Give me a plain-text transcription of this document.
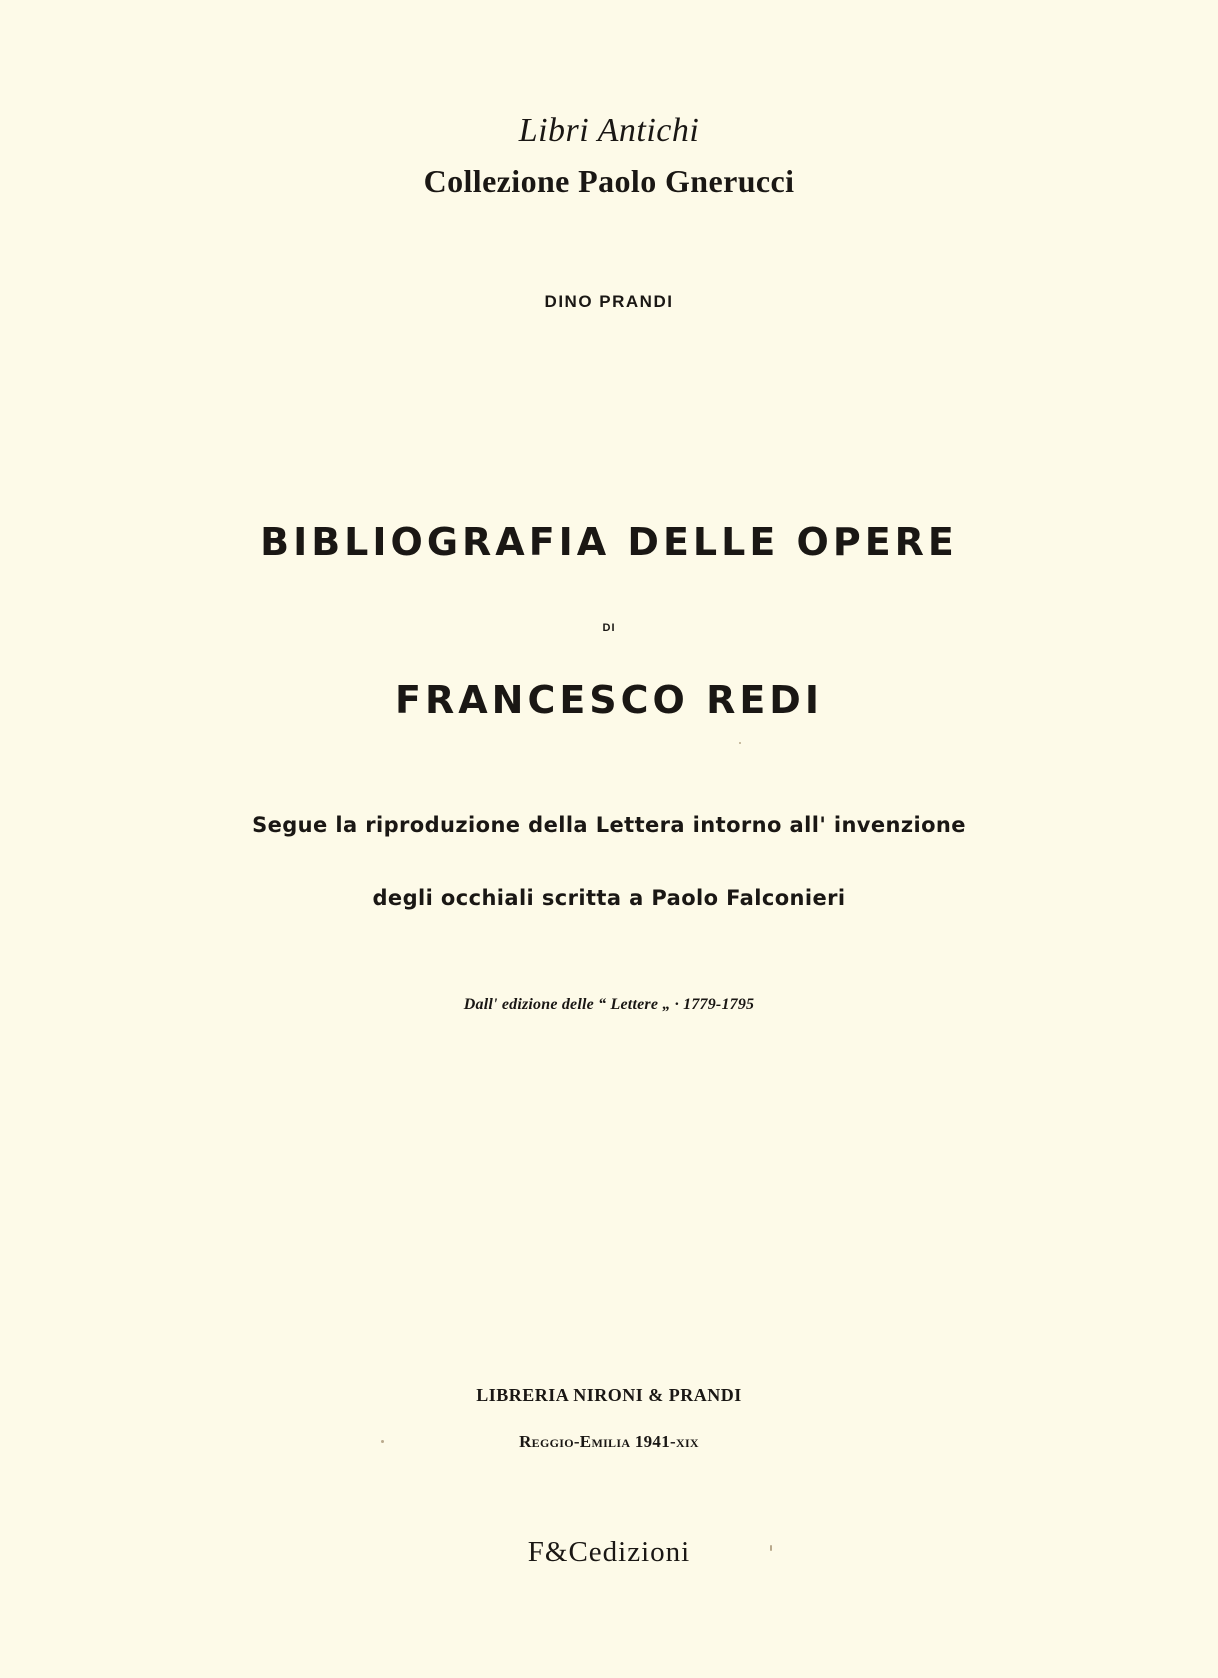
Libri Antichi
Collezione Paolo Gnerucci
DINO PRANDI
BIBLIOGRAFIA DELLE OPERE
DI
FRANCESCO REDI
Segue la riproduzione della Lettera intorno all' invenzione
degli occhiali scritta a Paolo Falconieri
Dall' edizione delle “ Lettere „ · 1779-1795
LIBRERIA NIRONI & PRANDI
Reggio-Emilia 1941-xix
F&Cedizioni
